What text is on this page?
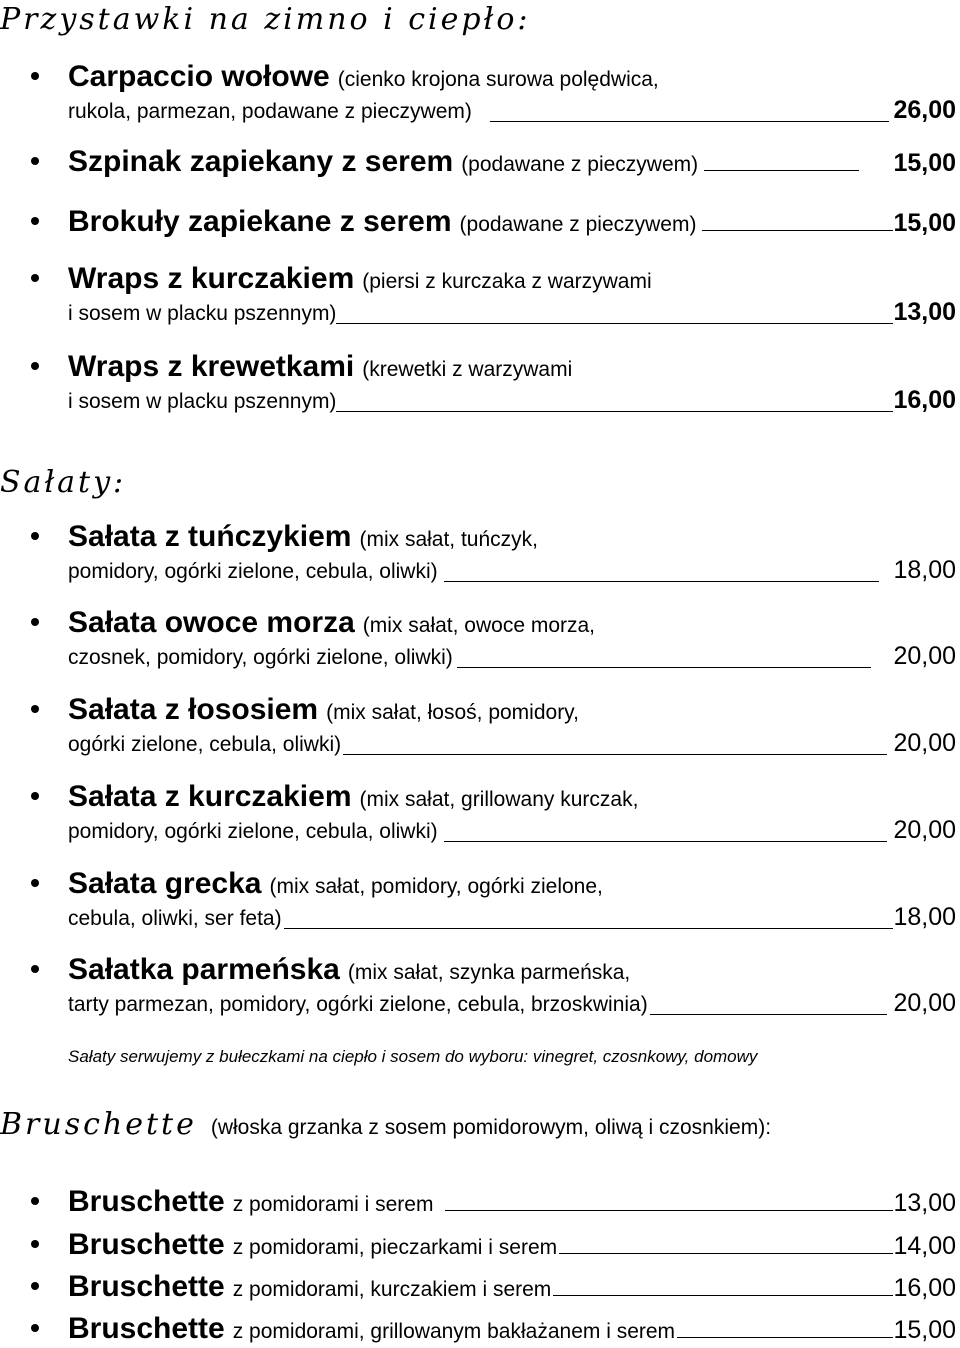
Przystawki na zimno i ciepło:
Carpaccio wołowe (cienko krojona surowa polędwica,
rukola, parmezan, podawane z pieczywem)	26,00
Szpinak zapiekany z serem (podawane z pieczywem)	15,00
Brokuły zapiekane z serem (podawane z pieczywem)	15,00
Wraps z kurczakiem (piersi z kurczaka z warzywami
i sosem w placku pszennym)	13,00
Wraps z krewetkami (krewetki z warzywami
i sosem w placku pszennym)	16,00
Sałaty:
Sałata z tuńczykiem (mix sałat, tuńczyk,
pomidory, ogórki zielone, cebula, oliwki)	18,00
Sałata owoce morza (mix sałat, owoce morza,
czosnek, pomidory, ogórki zielone, oliwki)	20,00
Sałata z łososiem (mix sałat, łosoś, pomidory,
ogórki zielone, cebula, oliwki)	20,00
Sałata z kurczakiem (mix sałat, grillowany kurczak,
pomidory, ogórki zielone, cebula, oliwki)	20,00
Sałata grecka (mix sałat, pomidory, ogórki zielone,
cebula, oliwki, ser feta)	18,00
Sałatka parmeńska (mix sałat, szynka parmeńska,
tarty parmezan, pomidory, ogórki zielone, cebula, brzoskwinia)	20,00
Sałaty serwujemy z bułeczkami na ciepło i sosem do wyboru: vinegret, czosnkowy, domowy
Bruschette (włoska grzanka z sosem pomidorowym, oliwą i czosnkiem):
Bruschette z pomidorami i serem	13,00
Bruschette z pomidorami, pieczarkami i serem	14,00
Bruschette z pomidorami, kurczakiem i serem	16,00
Bruschette z pomidorami, grillowanym bakłażanem i serem	15,00
